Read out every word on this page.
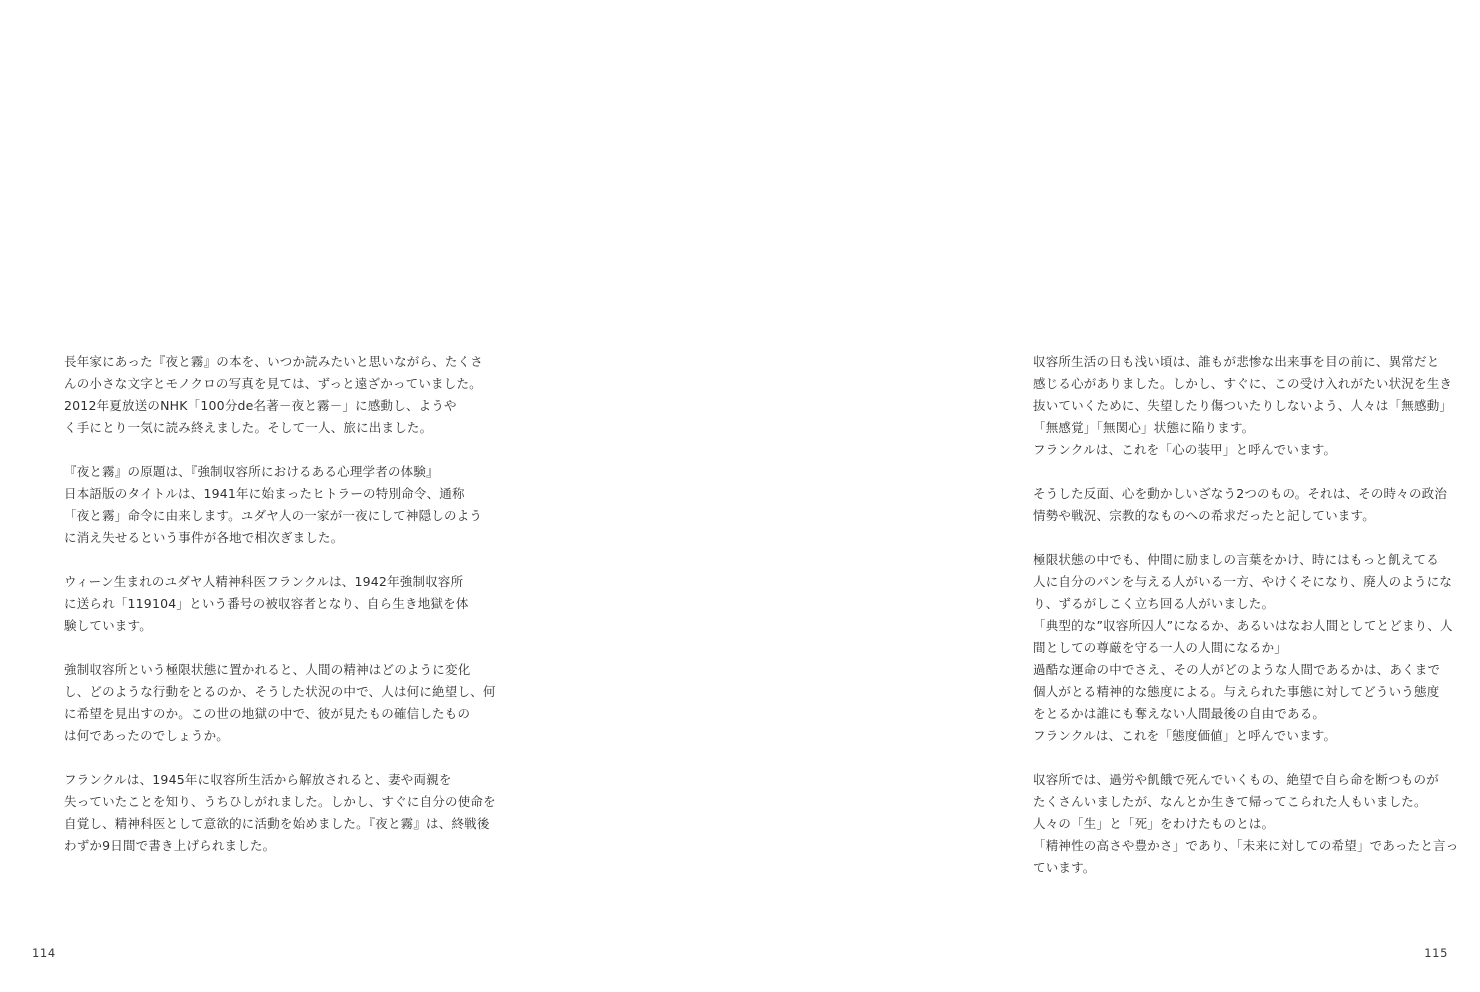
長年家にあった『夜と霧』の本を、いつか読みたいと思いながら、たくさ
んの小さな文字とモノクロの写真を見ては、ずっと遠ざかっていました。
2012年夏放送のNHK「100分de名著－夜と霧－」に感動し、ようや
く手にとり一気に読み終えました。そして一人、旅に出ました。
『夜と霧』の原題は、『強制収容所におけるある心理学者の体験』
日本語版のタイトルは、1941年に始まったヒトラーの特別命令、通称
「夜と霧」命令に由来します。ユダヤ人の一家が一夜にして神隠しのよう
に消え失せるという事件が各地で相次ぎました。
ウィーン生まれのユダヤ人精神科医フランクルは、1942年強制収容所
に送られ「119104」という番号の被収容者となり、自ら生き地獄を体
験しています。
強制収容所という極限状態に置かれると、人間の精神はどのように変化
し、どのような行動をとるのか、そうした状況の中で、人は何に絶望し、何
に希望を見出すのか。この世の地獄の中で、彼が見たもの確信したもの
は何であったのでしょうか。
フランクルは、1945年に収容所生活から解放されると、妻や両親を
失っていたことを知り、うちひしがれました。しかし、すぐに自分の使命を
自覚し、精神科医として意欲的に活動を始めました。『夜と霧』は、終戦後
わずか9日間で書き上げられました。
114
収容所生活の日も浅い頃は、誰もが悲惨な出来事を目の前に、異常だと
感じる心がありました。しかし、すぐに、この受け入れがたい状況を生き
抜いていくために、失望したり傷ついたりしないよう、人々は「無感動」
「無感覚」「無関心」状態に陥ります。
フランクルは、これを「心の装甲」と呼んでいます。
そうした反面、心を動かしいざなう2つのもの。それは、その時々の政治
情勢や戦況、宗教的なものへの希求だったと記しています。
極限状態の中でも、仲間に励ましの言葉をかけ、時にはもっと飢えてる
人に自分のパンを与える人がいる一方、やけくそになり、廃人のようにな
り、ずるがしこく立ち回る人がいました。
「典型的な”収容所囚人”になるか、あるいはなお人間としてとどまり、人
間としての尊厳を守る一人の人間になるか」
過酷な運命の中でさえ、その人がどのような人間であるかは、あくまで
個人がとる精神的な態度による。与えられた事態に対してどういう態度
をとるかは誰にも奪えない人間最後の自由である。
フランクルは、これを「態度価値」と呼んでいます。
収容所では、過労や飢餓で死んでいくもの、絶望で自ら命を断つものが
たくさんいましたが、なんとか生きて帰ってこられた人もいました。
人々の「生」と「死」をわけたものとは。
「精神性の高さや豊かさ」であり、「未来に対しての希望」であったと言っ
ています。
115
